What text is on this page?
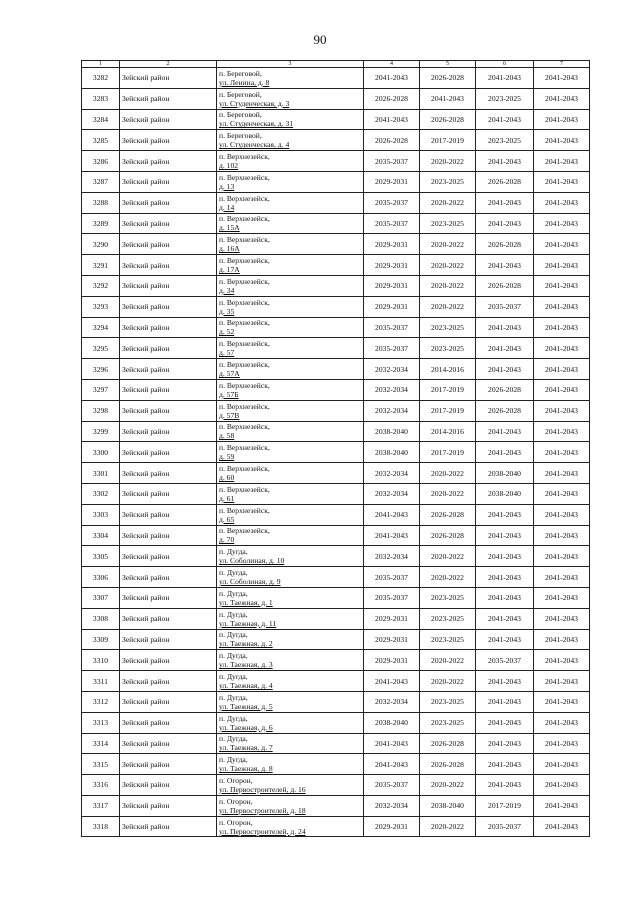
90
1	2	3	4	5	6	7
3282	Зейский район	п. Береговой,
ул. Ленина, д. 8	2041-2043	2026-2028	2041-2043	2041-2043
3283	Зейский район	п. Береговой,
ул. Студенческая, д. 3	2026-2028	2041-2043	2023-2025	2041-2043
3284	Зейский район	п. Береговой,
ул. Студенческая, д. 31	2041-2043	2026-2028	2041-2043	2041-2043
3285	Зейский район	п. Береговой,
ул. Студенческая, д. 4	2026-2028	2017-2019	2023-2025	2041-2043
3286	Зейский район	п. Верхнезейск,
д. 102	2035-2037	2020-2022	2041-2043	2041-2043
3287	Зейский район	п. Верхнезейск,
д. 13	2029-2031	2023-2025	2026-2028	2041-2043
3288	Зейский район	п. Верхнезейск,
д. 14	2035-2037	2020-2022	2041-2043	2041-2043
3289	Зейский район	п. Верхнезейск,
д. 15А	2035-2037	2023-2025	2041-2043	2041-2043
3290	Зейский район	п. Верхнезейск,
д. 16А	2029-2031	2020-2022	2026-2028	2041-2043
3291	Зейский район	п. Верхнезейск,
д. 17А	2029-2031	2020-2022	2041-2043	2041-2043
3292	Зейский район	п. Верхнезейск,
д. 34	2029-2031	2020-2022	2026-2028	2041-2043
3293	Зейский район	п. Верхнезейск,
д. 35	2029-2031	2020-2022	2035-2037	2041-2043
3294	Зейский район	п. Верхнезейск,
д. 52	2035-2037	2023-2025	2041-2043	2041-2043
3295	Зейский район	п. Верхнезейск,
д. 57	2035-2037	2023-2025	2041-2043	2041-2043
3296	Зейский район	п. Верхнезейск,
д. 57А	2032-2034	2014-2016	2041-2043	2041-2043
3297	Зейский район	п. Верхнезейск,
д. 57Б	2032-2034	2017-2019	2026-2028	2041-2043
3298	Зейский район	п. Верхнезейск,
д. 57В	2032-2034	2017-2019	2026-2028	2041-2043
3299	Зейский район	п. Верхнезейск,
д. 58	2038-2040	2014-2016	2041-2043	2041-2043
3300	Зейский район	п. Верхнезейск,
д. 59	2038-2040	2017-2019	2041-2043	2041-2043
3301	Зейский район	п. Верхнезейск,
д. 60	2032-2034	2020-2022	2038-2040	2041-2043
3302	Зейский район	п. Верхнезейск,
д. 61	2032-2034	2020-2022	2038-2040	2041-2043
3303	Зейский район	п. Верхнезейск,
д. 65	2041-2043	2026-2028	2041-2043	2041-2043
3304	Зейский район	п. Верхнезейск,
д. 70	2041-2043	2026-2028	2041-2043	2041-2043
3305	Зейский район	п. Дугда,
ул. Соболиная, д. 10	2032-2034	2020-2022	2041-2043	2041-2043
3306	Зейский район	п. Дугда,
ул. Соболиная, д. 9	2035-2037	2020-2022	2041-2043	2041-2043
3307	Зейский район	п. Дугда,
ул. Таежная, д. 1	2035-2037	2023-2025	2041-2043	2041-2043
3308	Зейский район	п. Дугда,
ул. Таежная, д. 11	2029-2031	2023-2025	2041-2043	2041-2043
3309	Зейский район	п. Дугда,
ул. Таежная, д. 2	2029-2031	2023-2025	2041-2043	2041-2043
3310	Зейский район	п. Дугда,
ул. Таежная, д. 3	2029-2031	2020-2022	2035-2037	2041-2043
3311	Зейский район	п. Дугда,
ул. Таежная, д. 4	2041-2043	2020-2022	2041-2043	2041-2043
3312	Зейский район	п. Дугда,
ул. Таежная, д. 5	2032-2034	2023-2025	2041-2043	2041-2043
3313	Зейский район	п. Дугда,
ул. Таежная, д. 6	2038-2040	2023-2025	2041-2043	2041-2043
3314	Зейский район	п. Дугда,
ул. Таежная, д. 7	2041-2043	2026-2028	2041-2043	2041-2043
3315	Зейский район	п. Дугда,
ул. Таежная, д. 8	2041-2043	2026-2028	2041-2043	2041-2043
3316	Зейский район	п. Огорон,
ул. Первостроителей, д. 16	2035-2037	2020-2022	2041-2043	2041-2043
3317	Зейский район	п. Огорон,
ул. Первостроителей, д. 18	2032-2034	2038-2040	2017-2019	2041-2043
3318	Зейский район	п. Огорон,
ул. Первостроителей, д. 24	2029-2031	2020-2022	2035-2037	2041-2043
